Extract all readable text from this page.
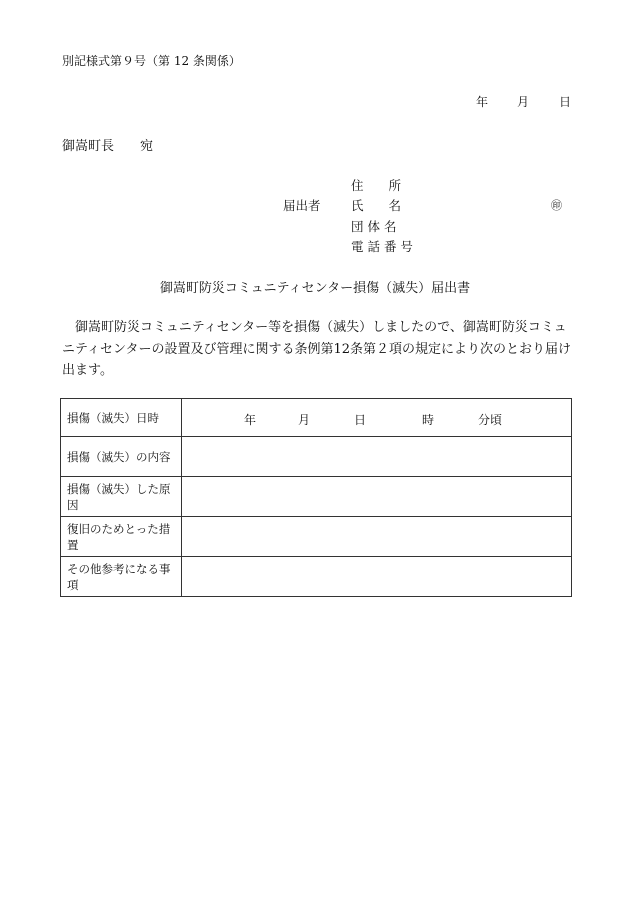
別記様式第９号（第 12 条関係）
年 月 日
御嵩町長　　宛
届出者
住　　所
氏　　名	㊞
団 体 名
電 話 番 号
御嵩町防災コミュニティセンター損傷（滅失）届出書
御嵩町防災コミュニティセンター等を損傷（滅失）しましたので、御嵩町防災コミュニティセンターの設置及び管理に関する条例第12条第２項の規定により次のとおり届け出ます。
損傷（滅失）日時	年 月 日 時 分頃

損傷（滅失）の内容	
損傷（滅失）した原因	
復旧のためとった措置	
その他参考になる事項	
